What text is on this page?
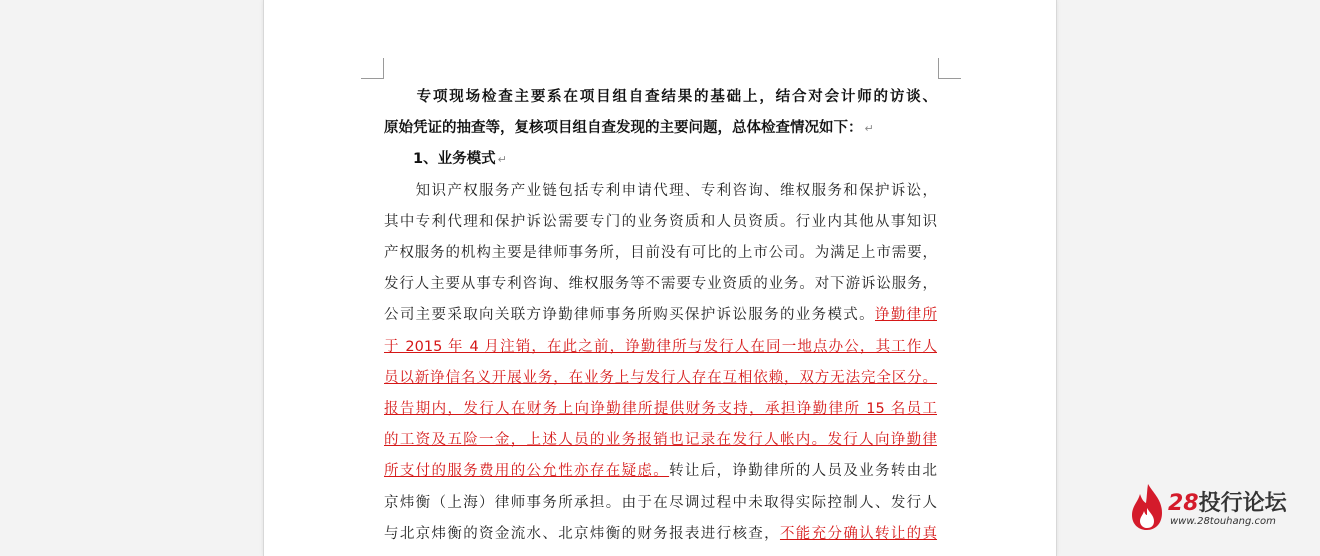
　　专项现场检查主要系在项目组自查结果的基础上，结合对会计师的访谈、
原始凭证的抽查等，复核项目组自查发现的主要问题，总体检查情况如下： ↵
　　1、业务模式 ↵
　　知识产权服务产业链包括专利申请代理、专利咨询、维权服务和保护诉讼，
其中专利代理和保护诉讼需要专门的业务资质和人员资质。行业内其他从事知识
产权服务的机构主要是律师事务所，目前没有可比的上市公司。为满足上市需要，
发行人主要从事专利咨询、维权服务等不需要专业资质的业务。对下游诉讼服务，
公司主要采取向关联方诤勤律师事务所购买保护诉讼服务的业务模式。诤勤律所
于 2015 年 4 月注销，在此之前，诤勤律所与发行人在同一地点办公，其工作人
员以新诤信名义开展业务，在业务上与发行人存在互相依赖，双方无法完全区分。
报告期内，发行人在财务上向诤勤律所提供财务支持，承担诤勤律所 15 名员工
的工资及五险一金，上述人员的业务报销也记录在发行人帐内。发行人向诤勤律
所支付的服务费用的公允性亦存在疑虑。转让后，诤勤律所的人员及业务转由北
京炜衡（上海）律师事务所承担。由于在尽调过程中未取得实际控制人、发行人
与北京炜衡的资金流水、北京炜衡的财务报表进行核查，不能充分确认转让的真
28投行论坛
www.28touhang.com
